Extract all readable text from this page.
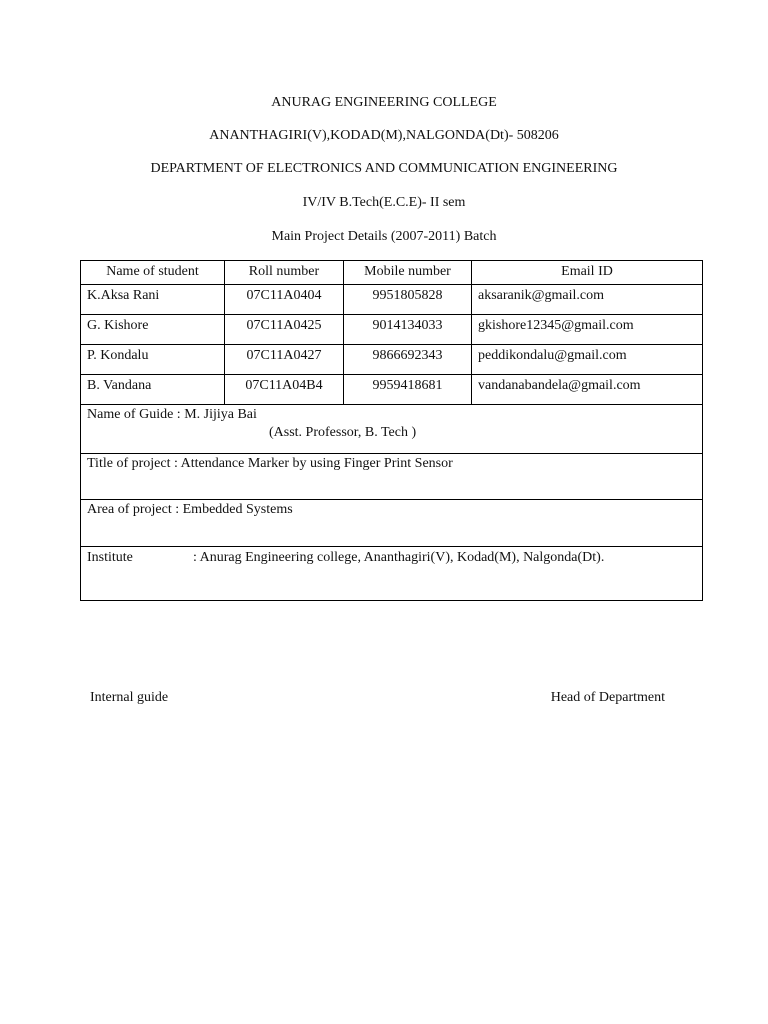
ANURAG ENGINEERING COLLEGE
ANANTHAGIRI(V),KODAD(M),NALGONDA(Dt)- 508206
DEPARTMENT OF ELECTRONICS AND COMMUNICATION ENGINEERING
IV/IV B.Tech(E.C.E)- II sem
Main Project Details (2007-2011) Batch
Name of student	Roll number	Mobile number	Email ID
K.Aksa Rani	07C11A0404	9951805828	aksaranik@gmail.com
G. Kishore	07C11A0425	9014134033	gkishore12345@gmail.com
P. Kondalu	07C11A0427	9866692343	peddikondalu@gmail.com
B. Vandana	07C11A04B4	9959418681	vandanabandela@gmail.com
Name of Guide : M. Jijiya Bai
(Asst. Professor, B. Tech )			

Title of project : Attendance Marker by using Finger Print Sensor			
Area of project : Embedded Systems			
Institute : Anurag Engineering college, Ananthagiri(V), Kodad(M), Nalgonda(Dt).			
Internal guide	Head of Department
